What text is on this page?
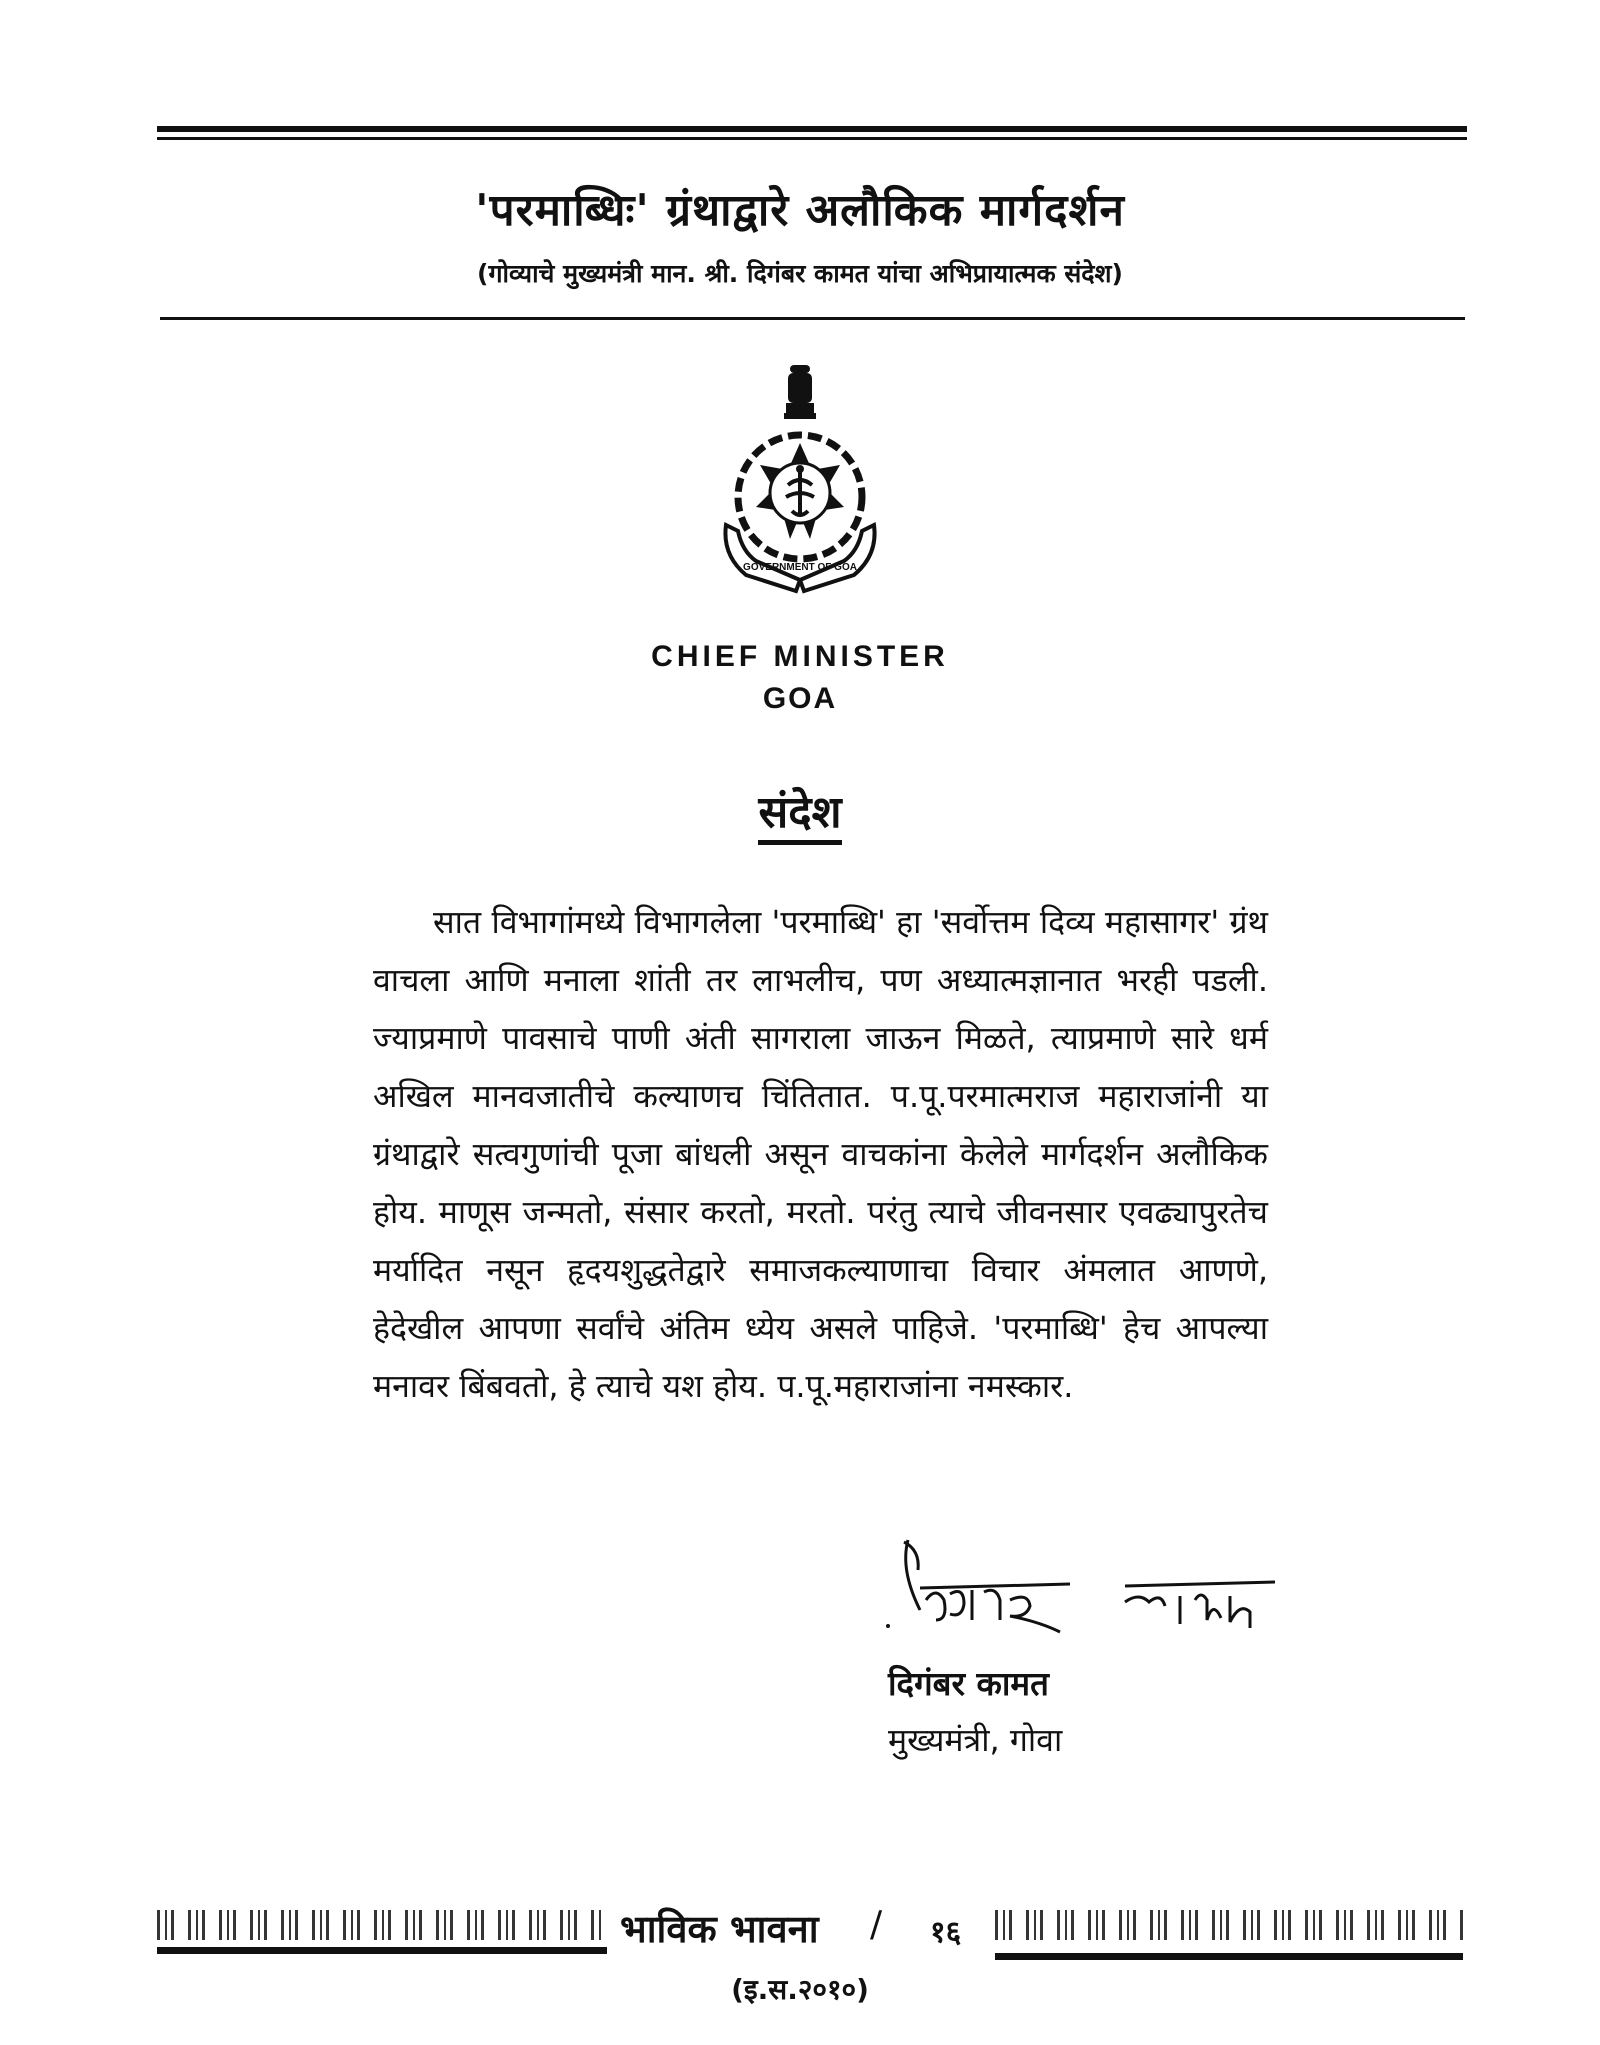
'परमाब्धिः' ग्रंथाद्वारे अलौकिक मार्गदर्शन
(गोव्याचे मुख्यमंत्री मान. श्री. दिगंबर कामत यांचा अभिप्रायात्मक संदेश)
GOVERNMENT OF GOA
CHIEF MINISTER
GOA
संदेश

सात विभागांमध्ये विभागलेला 'परमाब्धि' हा 'सर्वोत्तम दिव्य महासागर' ग्रंथ वाचला आणि मनाला शांती तर लाभलीच, पण अध्यात्मज्ञानात भरही पडली. ज्याप्रमाणे पावसाचे पाणी अंती सागराला जाऊन मिळते, त्याप्रमाणे सारे धर्म अखिल मानवजातीचे कल्याणच चिंतितात. प.पू.परमात्मराज महाराजांनी या ग्रंथाद्वारे सत्वगुणांची पूजा बांधली असून वाचकांना केलेले मार्गदर्शन अलौकिक होय. माणूस जन्मतो, संसार करतो, मरतो. परंतु त्याचे जीवनसार एवढ्यापुरतेच मर्यादित नसून हृदयशुद्धतेद्वारे समाजकल्याणाचा विचार अंमलात आणणे, हेदेखील आपणा सर्वांचे अंतिम ध्येय असले पाहिजे. 'परमाब्धि' हेच आपल्या मनावर बिंबवतो, हे त्याचे यश होय. प.पू.महाराजांना नमस्कार.

दिगंबर कामत
मुख्यमंत्री, गोवा
भाविक भावना / १६
(इ.स.२०१०)
